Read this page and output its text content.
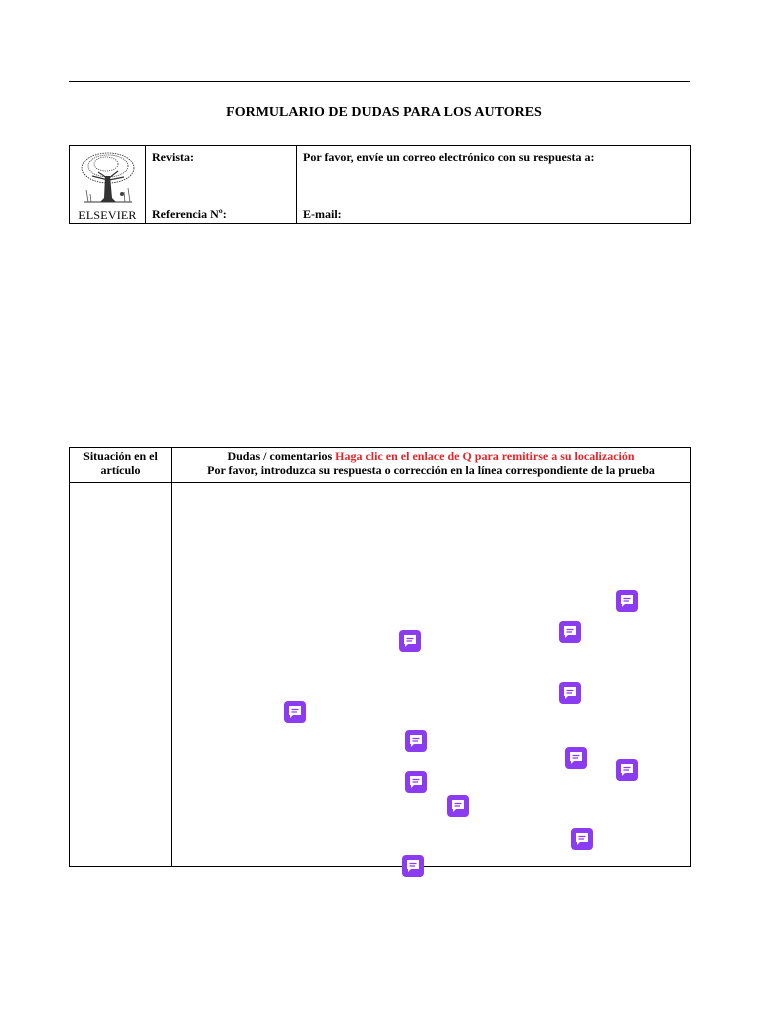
FORMULARIO DE DUDAS PARA LOS AUTORES
ELSEVIER
Revista:
Referencia Nº:
Por favor, envíe un correo electrónico con su respuesta a:
E-mail:
Situación en el
artículo
Dudas / comentarios Haga clic en el enlace de Q para remitirse a su localización
Por favor, introduzca su respuesta o corrección en la línea correspondiente de la prueba
